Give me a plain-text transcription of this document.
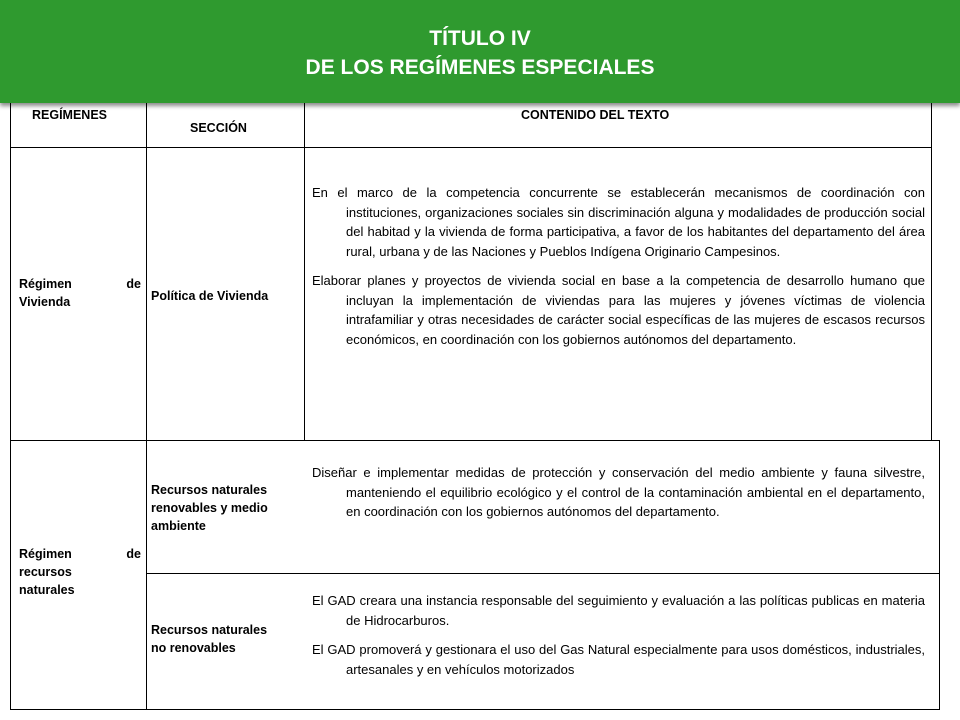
TÍTULO IV
DE LOS REGÍMENES ESPECIALES
REGÍMENES
SECCIÓN
CONTENIDO DEL TEXTO
Régimen de
Vivienda	Política de Vivienda

En el marco de la competencia concurrente se establecerán mecanismos de coordinación con instituciones, organizaciones sociales sin discriminación alguna y modalidades de producción social del habitad y la vivienda de forma participativa, a favor de los habitantes del departamento del área rural, urbana y de las Naciones y Pueblos Indígena Originario Campesinos.

Elaborar planes y proyectos de vivienda social en base a la competencia de desarrollo humano que incluyan la implementación de viviendas para las mujeres y jóvenes víctimas de violencia intrafamiliar y otras necesidades de carácter social específicas de las mujeres de escasos recursos económicos, en coordinación con los gobiernos autónomos del departamento.

Régimen de
recursos
naturales
Recursos naturales
renovables y medio
ambiente

Diseñar e implementar medidas de protección y conservación del medio ambiente y fauna silvestre, manteniendo el equilibrio ecológico y el control de la contaminación ambiental en el departamento, en coordinación con los gobiernos autónomos del departamento.

Recursos naturales
no renovables

El GAD creara una instancia responsable del seguimiento y evaluación a las políticas publicas en materia de Hidrocarburos.

El GAD promoverá y gestionara el uso del Gas Natural especialmente para usos domésticos, industriales, artesanales y en vehículos motorizados
